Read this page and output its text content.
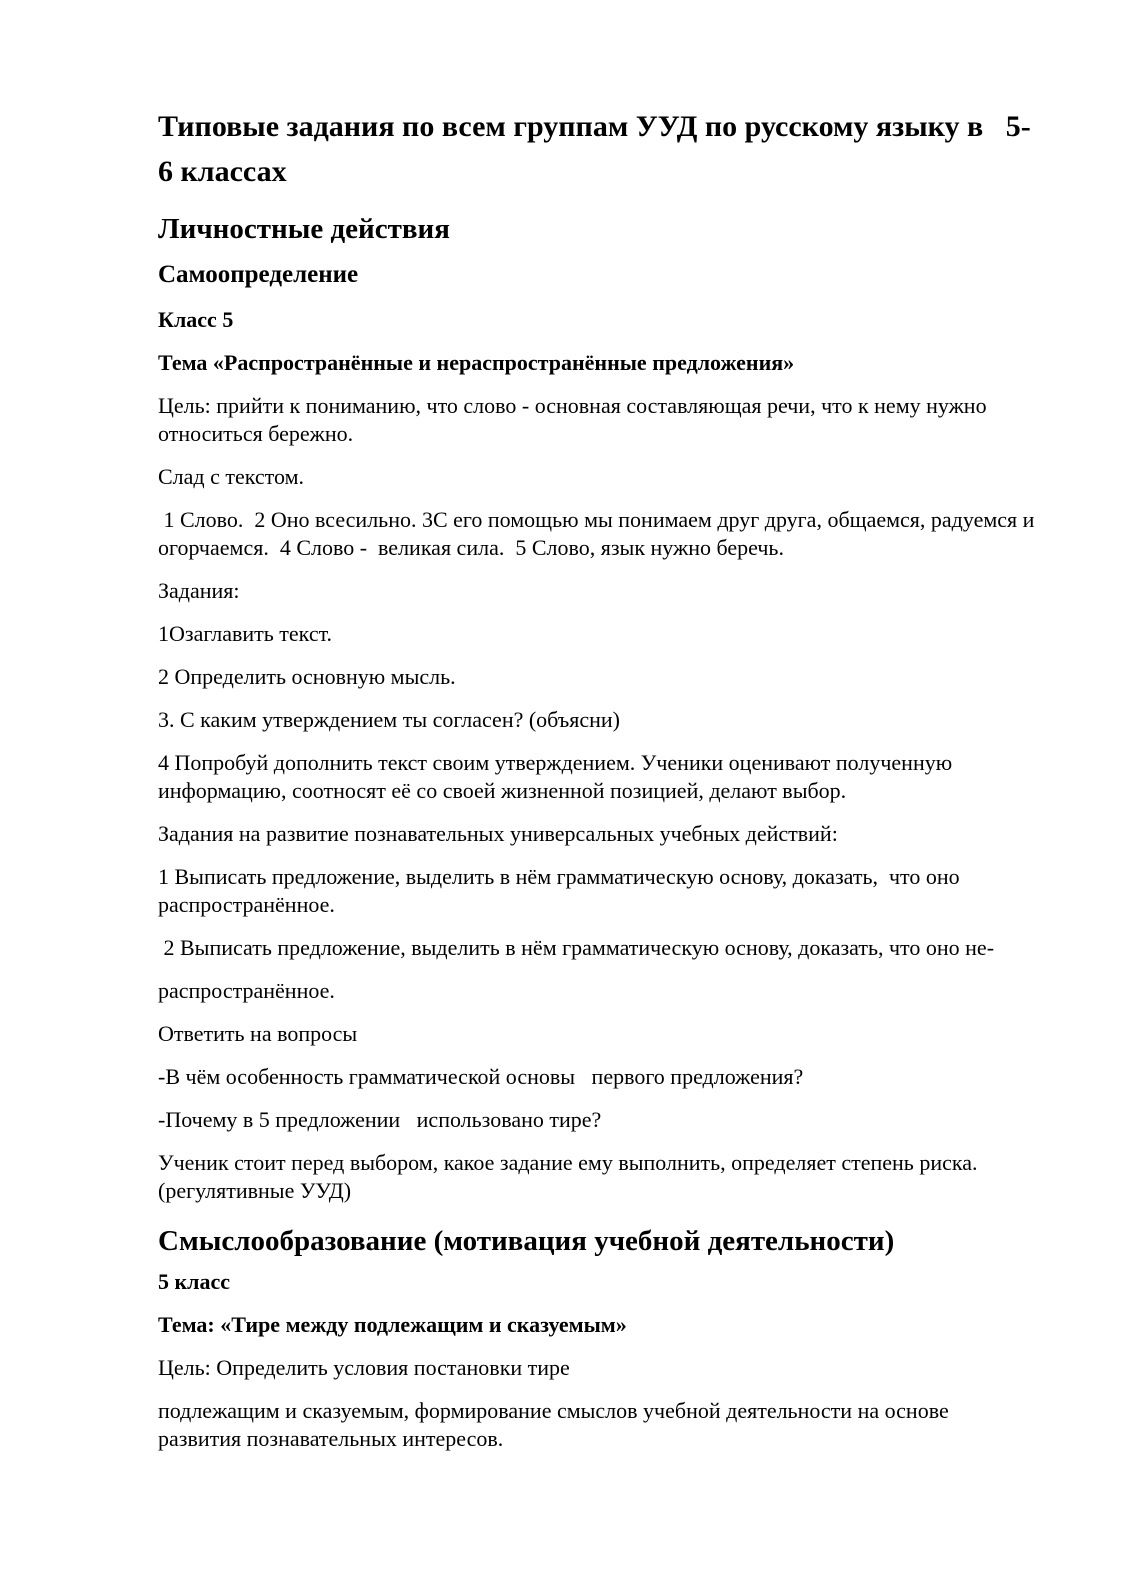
Типовые задания по всем группам УУД по русскому языку в   5-6 классах
Личностные действия
Самоопределение

Класс 5

Тема «Распространённые и нераспространённые предложения»

Цель: прийти к пониманию, что слово - основная составляющая речи, что к нему нужно относиться бережно.

Слад с текстом.

1 Слово.  2 Оно всесильно. 3С его помощью мы понимаем друг друга, общаемся, радуемся и огорчаемся.  4 Слово -  великая сила.  5 Слово, язык нужно беречь.

Задания:

1Озаглавить текст.

2 Определить основную мысль.

3. С каким утверждением ты согласен? (объясни)

4 Попробуй дополнить текст своим утверждением. Ученики оценивают полученную информацию, соотносят её со своей жизненной позицией, делают выбор.

Задания на развитие познавательных универсальных учебных действий:

1 Выписать предложение, выделить в нём грамматическую основу, доказать,  что оно распространённое.

2 Выписать предложение, выделить в нём грамматическую основу, доказать, что оно не-

распространённое.

Ответить на вопросы

-В чём особенность грамматической основы   первого предложения?

-Почему в 5 предложении   использовано тире?

Ученик стоит перед выбором, какое задание ему выполнить, определяет степень риска. (регулятивные УУД)

Смыслообразование (мотивация учебной деятельности)

5 класс

Тема: «Тире между подлежащим и сказуемым»

Цель: Определить условия постановки тире

подлежащим и сказуемым, формирование смыслов учебной деятельности на основе развития познавательных интересов.
